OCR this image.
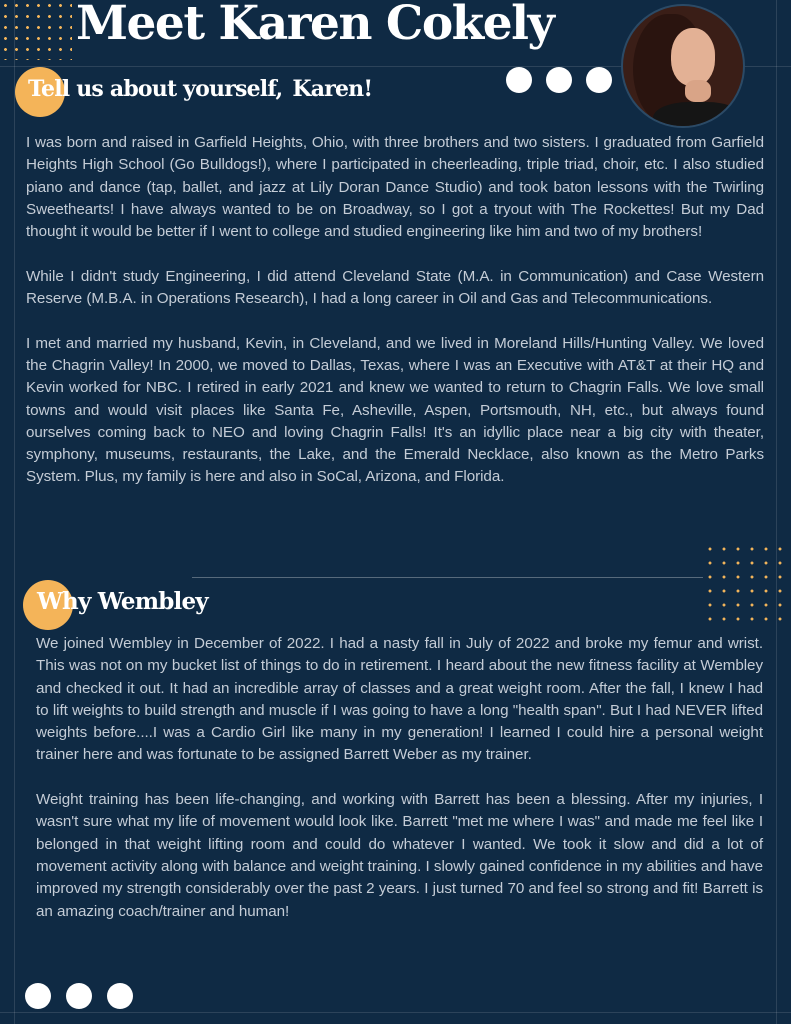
Meet Karen Cokely
Tell us about yourself, Karen!

I was born and raised in Garfield Heights, Ohio, with three brothers and two sisters. I graduated from Garfield Heights High School (Go Bulldogs!), where I participated in cheerleading, triple triad, choir, etc. I also studied piano and dance (tap, ballet, and jazz at Lily Doran Dance Studio) and took baton lessons with the Twirling Sweethearts! I have always wanted to be on Broadway, so I got a tryout with The Rockettes! But my Dad thought it would be better if I went to college and studied engineering like him and two of my brothers!

While I didn't study Engineering, I did attend Cleveland State (M.A. in Communication) and Case Western Reserve (M.B.A. in Operations Research), I had a long career in Oil and Gas and Telecommunications.

I met and married my husband, Kevin, in Cleveland, and we lived in Moreland Hills/Hunting Valley. We loved the Chagrin Valley! In 2000, we moved to Dallas, Texas, where I was an Executive with AT&T at their HQ and Kevin worked for NBC. I retired in early 2021 and knew we wanted to return to Chagrin Falls. We love small towns and would visit places like Santa Fe, Asheville, Aspen, Portsmouth, NH, etc., but always found ourselves coming back to NEO and loving Chagrin Falls! It's an idyllic place near a big city with theater, symphony, museums, restaurants, the Lake, and the Emerald Necklace, also known as the Metro Parks System. Plus, my family is here and also in SoCal, Arizona, and Florida.

Why Wembley

We joined Wembley in December of 2022. I had a nasty fall in July of 2022 and broke my femur and wrist. This was not on my bucket list of things to do in retirement. I heard about the new fitness facility at Wembley and checked it out. It had an incredible array of classes and a great weight room. After the fall, I knew I had to lift weights to build strength and muscle if I was going to have a long "health span". But I had NEVER lifted weights before....I was a Cardio Girl like many in my generation! I learned I could hire a personal weight trainer here and was fortunate to be assigned Barrett Weber as my trainer.

Weight training has been life-changing, and working with Barrett has been a blessing. After my injuries, I wasn't sure what my life of movement would look like. Barrett "met me where I was" and made me feel like I belonged in that weight lifting room and could do whatever I wanted. We took it slow and did a lot of movement activity along with balance and weight training. I slowly gained confidence in my abilities and have improved my strength considerably over the past 2 years. I just turned 70 and feel so strong and fit! Barrett is an amazing coach/trainer and human!
